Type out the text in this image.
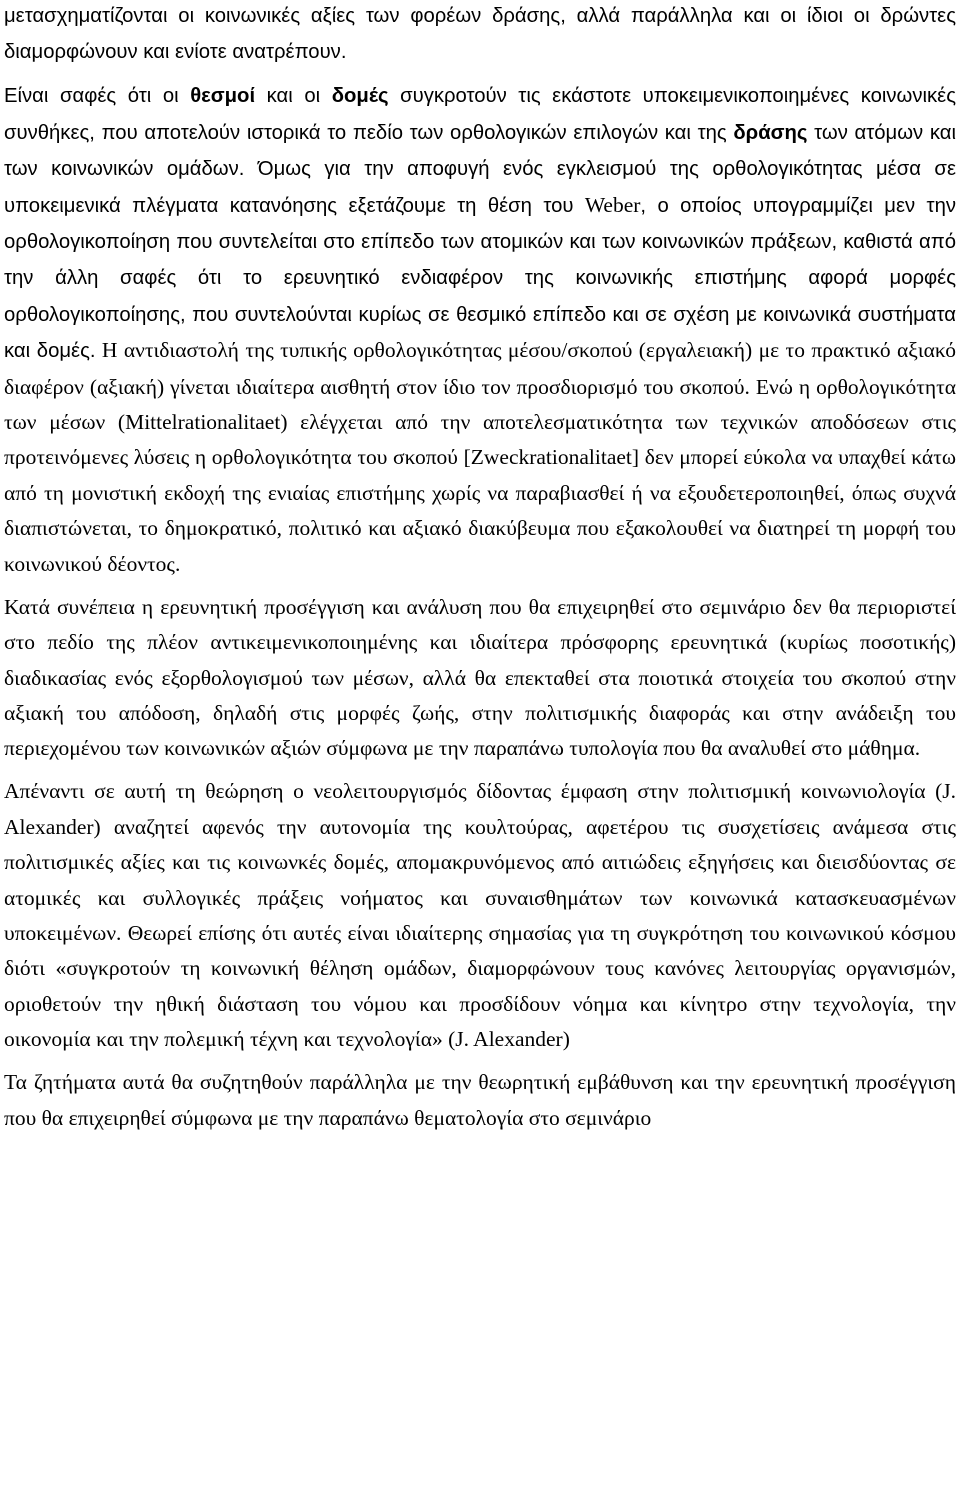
μετασχηματίζονται οι κοινωνικές αξίες των φορέων δράσης, αλλά παράλληλα και οι ίδιοι οι δρώντες διαμορφώνουν και ενίοτε ανατρέπουν.

Είναι σαφές ότι οι θεσμοί και οι δομές συγκροτούν τις εκάστοτε υποκειμενικοποιημένες κοινωνικές συνθήκες, που αποτελούν ιστορικά το πεδίο των ορθολογικών επιλογών και της δράσης των ατόμων και των κοινωνικών ομάδων. Όμως για την αποφυγή ενός εγκλεισμού της ορθολογικότητας μέσα σε υποκειμενικά πλέγματα κατανόησης εξετάζουμε τη θέση του Weber, ο οποίος υπογραμμίζει μεν την ορθολογικοποίηση που συντελείται στο επίπεδο των ατομικών και των κοινωνικών πράξεων, καθιστά από την άλλη σαφές ότι το ερευνητικό ενδιαφέρον της κοινωνικής επιστήμης αφορά μορφές ορθολογικοποίησης, που συντελούνται κυρίως σε θεσμικό επίπεδο και σε σχέση με κοινωνικά συστήματα και δομές. Η αντιδιαστολή της τυπικής ορθολογικότητας μέσου/σκοπού (εργαλειακή) με το πρακτικό αξιακό διαφέρον (αξιακή) γίνεται ιδιαίτερα αισθητή στον ίδιο τον προσδιορισμό του σκοπού. Ενώ η ορθολογικότητα των μέσων (Mittelrationalitaet) ελέγχεται από την αποτελεσματικότητα των τεχνικών αποδόσεων στις προτεινόμενες λύσεις η ορθολογικότητα του σκοπού [Zweckrationalitaet] δεν μπορεί εύκολα να υπαχθεί κάτω από τη μονιστική εκδοχή της ενιαίας επιστήμης χωρίς να παραβιασθεί ή να εξουδετεροποιηθεί, όπως συχνά διαπιστώνεται, το δημοκρατικό, πολιτικό και αξιακό διακύβευμα που εξακολουθεί να διατηρεί τη μορφή του κοινωνικού δέοντος.

Κατά συνέπεια η ερευνητική προσέγγιση και ανάλυση που θα επιχειρηθεί στο σεμινάριο δεν θα περιοριστεί στο πεδίο της πλέον αντικειμενικοποιημένης και ιδιαίτερα πρόσφορης ερευνητικά (κυρίως ποσοτικής) διαδικασίας ενός εξορθολογισμού των μέσων, αλλά θα επεκταθεί στα ποιοτικά στοιχεία του σκοπού στην αξιακή του απόδοση, δηλαδή στις μορφές ζωής, στην πολιτισμικής διαφοράς και στην ανάδειξη του περιεχομένου των κοινωνικών αξιών σύμφωνα με την παραπάνω τυπολογία που θα αναλυθεί στο μάθημα.

Απέναντι σε αυτή τη θεώρηση ο νεολειτουργισμός δίδοντας έμφαση στην πολιτισμική κοινωνιολογία (J. Alexander) αναζητεί αφενός την αυτονομία της κουλτούρας, αφετέρου τις συσχετίσεις ανάμεσα στις πολιτισμικές αξίες και τις κοινωνκές δομές, απομακρυνόμενος από αιτιώδεις εξηγήσεις και διεισδύοντας σε ατομικές και συλλογικές πράξεις νοήματος και συναισθημάτων των κοινωνικά κατασκευασμένων υποκειμένων. Θεωρεί επίσης ότι αυτές είναι ιδιαίτερης σημασίας για τη συγκρότηση του κοινωνικού κόσμου διότι «συγκροτούν τη κοινωνική θέληση ομάδων, διαμορφώνουν τους κανόνες λειτουργίας οργανισμών, οριοθετούν την ηθική διάσταση του νόμου και προσδίδουν νόημα και κίνητρο στην τεχνολογία, την οικονομία και την πολεμική τέχνη και τεχνολογία» (J. Alexander)

Τα ζητήματα αυτά θα συζητηθούν παράλληλα με την θεωρητική εμβάθυνση και την ερευνητική προσέγγιση που θα επιχειρηθεί σύμφωνα με την παραπάνω θεματολογία στο σεμινάριο
